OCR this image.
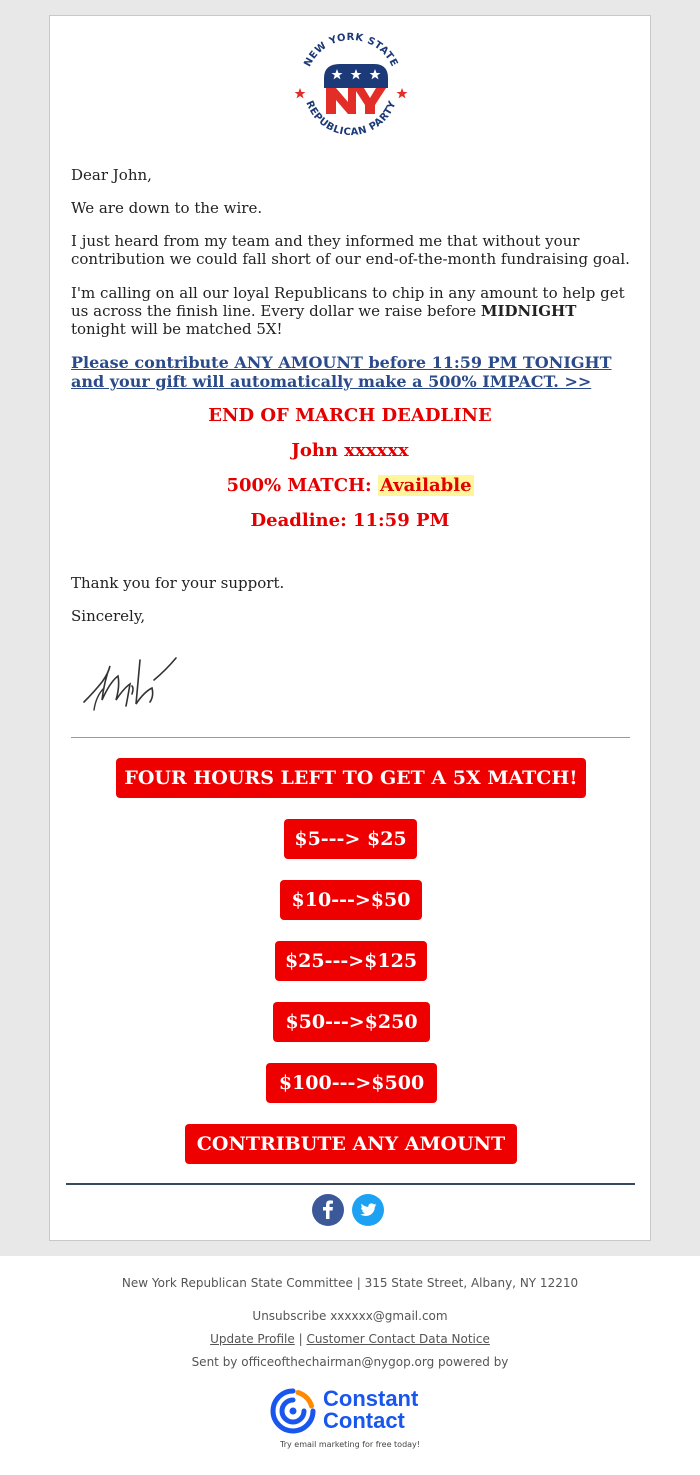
NEW YORK STATE
REPUBLICAN PARTY
Dear John,
We are down to the wire.
I just heard from my team and they informed me that without your contribution we could fall short of our end-of-the-month fundraising goal.
I'm calling on all our loyal Republicans to chip in any amount to help get us across the finish line. Every dollar we raise before MIDNIGHT tonight will be matched 5X!
Please contribute ANY AMOUNT before 11:59 PM TONIGHT and your gift will automatically make a 500% IMPACT. >>
END OF MARCH DEADLINE
John xxxxxx
500% MATCH: Available
Deadline: 11:59 PM
Thank you for your support.
Sincerely,
FOUR HOURS LEFT TO GET A 5X MATCH!
$5---> $25
$10--->$50
$25--->$125
$50--->$250
$100--->$500
CONTRIBUTE ANY AMOUNT
New York Republican State Committee | 315 State Street, Albany, NY 12210
Unsubscribe xxxxxx@gmail.com
Update Profile | Customer Contact Data Notice
Sent by officeofthechairman@nygop.org powered by
Constant
Contact
Try email marketing for free today!
